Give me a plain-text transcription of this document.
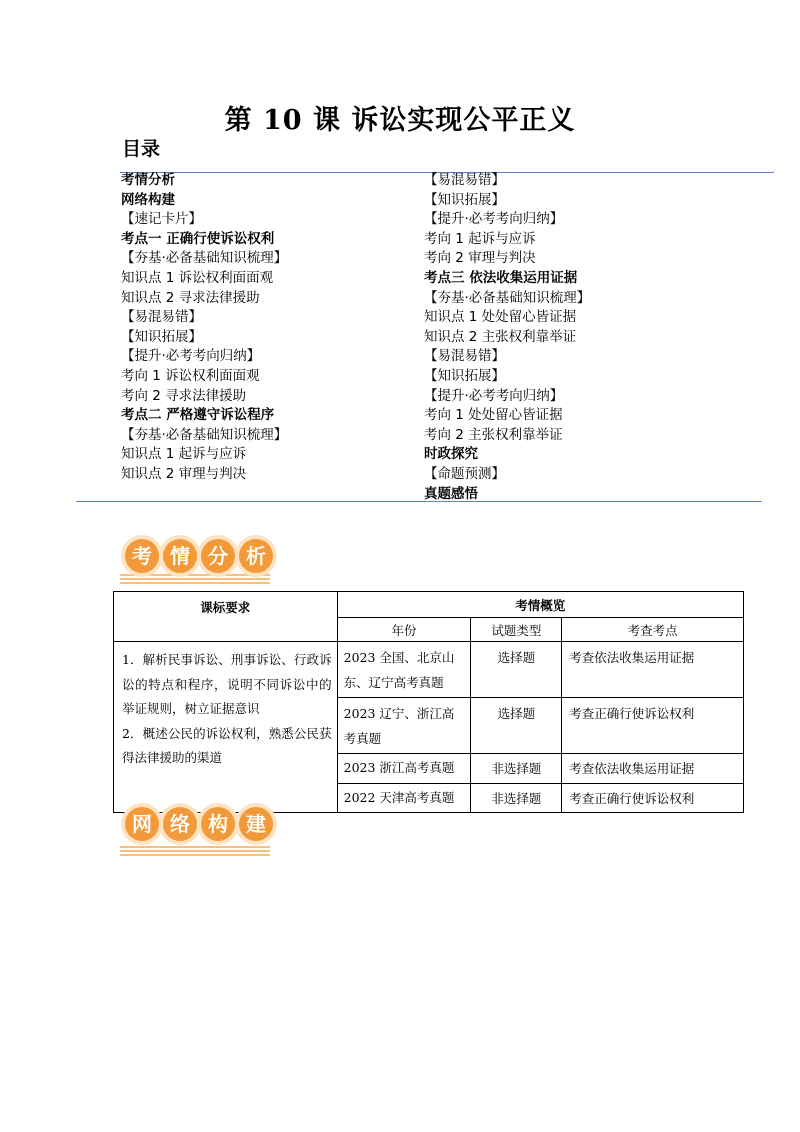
第 10 课 诉讼实现公平正义
目录
考情分析
网络构建
【速记卡片】
考点一 正确行使诉讼权利
【夯基·必备基础知识梳理】
知识点 1 诉讼权利面面观
知识点 2 寻求法律援助
【易混易错】
【知识拓展】
【提升·必考考向归纳】
考向 1 诉讼权利面面观
考向 2 寻求法律援助
考点二 严格遵守诉讼程序
【夯基·必备基础知识梳理】
知识点 1 起诉与应诉
知识点 2 审理与判决
【易混易错】
【知识拓展】
【提升·必考考向归纳】
考向 1 起诉与应诉
考向 2 审理与判决
考点三 依法收集运用证据
【夯基·必备基础知识梳理】
知识点 1 处处留心皆证据
知识点 2 主张权利靠举证
【易混易错】
【知识拓展】
【提升·必考考向归纳】
考向 1 处处留心皆证据
考向 2 主张权利靠举证
时政探究
【命题预测】
真题感悟
考 情 分 析
课标要求	考情概览		
	年份	试题类型	考查考点

1．解析民事诉讼、刑事诉讼、行政诉讼的特点和程序，说明不同诉讼中的举证规则，树立证据意识

2．概述公民的诉讼权利，熟悉公民获得法律援助的渠道	2023 全国、北京山东、辽宁高考真题	选择题	考查依法收集运用证据
	2023 辽宁、浙江高考真题	选择题	考查正确行使诉讼权利
	2023 浙江高考真题	非选择题	考查依法收集运用证据
	2022 天津高考真题	非选择题	考查正确行使诉讼权利
网 络 构 建
